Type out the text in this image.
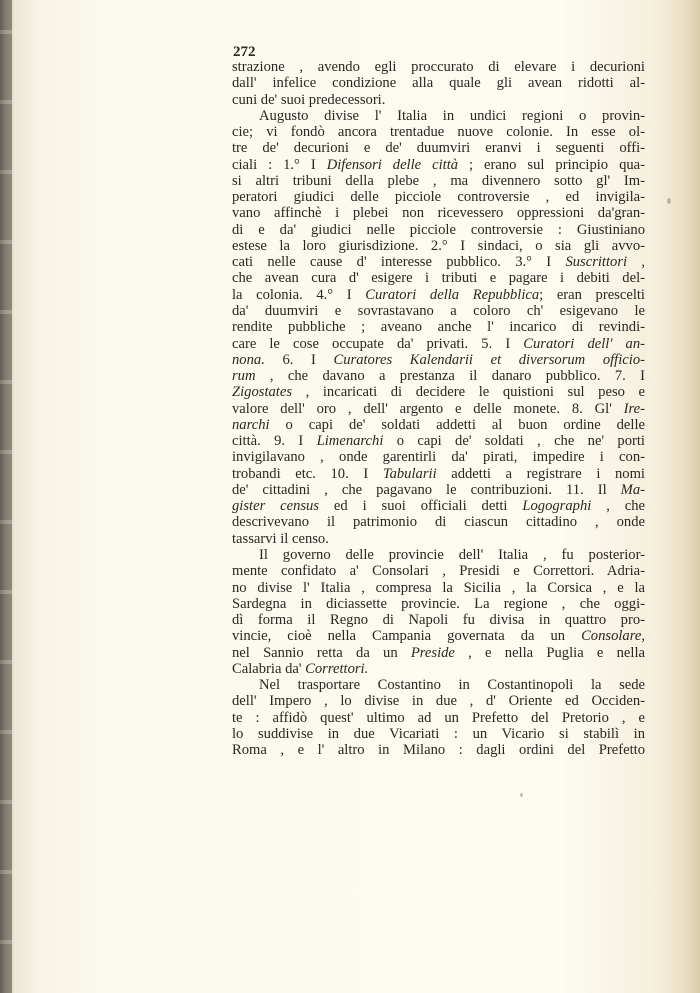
272
strazione , avendo egli proccurato di elevare i decurioni
dall' infelice condizione alla quale gli avean ridotti al-
cuni de' suoi predecessori.
Augusto divise l' Italia in undici regioni o provin-
cie; vi fondò ancora trentadue nuove colonie. In esse ol-
tre de' decurioni e de' duumviri eranvi i seguenti offi-
ciali : 1.° I Difensori delle città ; erano sul principio qua-
si altri tribuni della plebe , ma divennero sotto gl' Im-
peratori giudici delle picciole controversie , ed invigila-
vano affinchè i plebei non ricevessero oppressioni da'gran-
di e da' giudici nelle picciole controversie : Giustiniano
estese la loro giurisdizione. 2.° I sindaci, o sia gli avvo-
cati nelle cause d' interesse pubblico. 3.° I Suscrittori ,
che avean cura d' esigere i tributi e pagare i debiti del-
la colonia. 4.° I Curatori della Repubblica; eran prescelti
da' duumviri e sovrastavano a coloro ch' esigevano le
rendite pubbliche ; aveano anche l' incarico di revindi-
care le cose occupate da' privati. 5. I Curatori dell' an-
nona. 6. I Curatores Kalendarii et diversorum officio-
rum , che davano a prestanza il danaro pubblico. 7. I
Zigostates , incaricati di decidere le quistioni sul peso e
valore dell' oro , dell' argento e delle monete. 8. Gl' Ire-
narchi o capi de' soldati addetti al buon ordine delle
città. 9. I Limenarchi o capi de' soldati , che ne' porti
invigilavano , onde garentirli da' pirati, impedire i con-
trobandi etc. 10. I Tabularii addetti a registrare i nomi
de' cittadini , che pagavano le contribuzioni. 11. Il Ma-
gister census ed i suoi officiali detti Logographi , che
descrivevano il patrimonio di ciascun cittadino , onde
tassarvi il censo.
Il governo delle provincie dell' Italia , fu posterior-
mente confidato a' Consolari , Presidi e Correttori. Adria-
no divise l' Italia , compresa la Sicilia , la Corsica , e la
Sardegna in diciassette provincie. La regione , che oggi-
dì forma il Regno di Napoli fu divisa in quattro pro-
vincie, cioè nella Campania governata da un Consolare,
nel Sannio retta da un Preside , e nella Puglia e nella
Calabria da' Correttori.
Nel trasportare Costantino in Costantinopoli la sede
dell' Impero , lo divise in due , d' Oriente ed Occiden-
te : affidò quest' ultimo ad un Prefetto del Pretorio , e
lo suddivise in due Vicariati : un Vicario si stabilì in
Roma , e l' altro in Milano : dagli ordini del Prefetto
